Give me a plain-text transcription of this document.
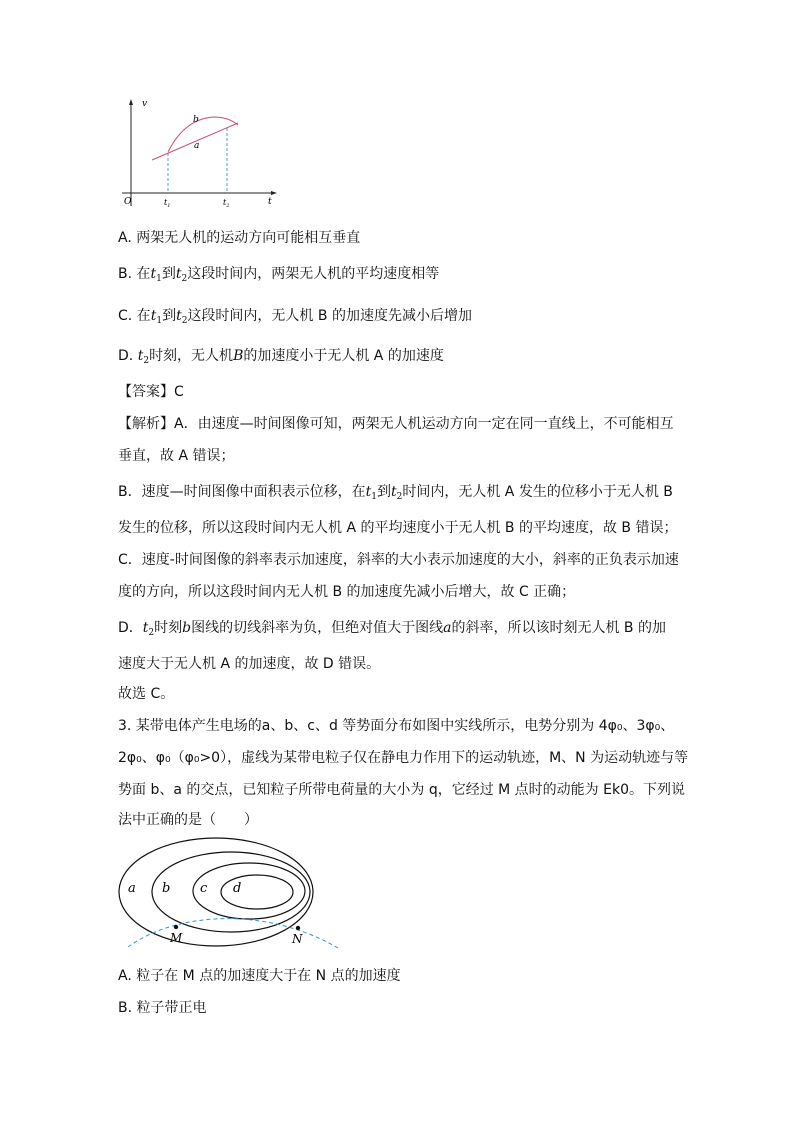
v
t
O
b
a
$t_1$	$t_2$
A. 两架无人机的运动方向可能相互垂直
B. 在$t_1$到$t_2$这段时间内，两架无人机的平均速度相等
C. 在$t_1$到$t_2$这段时间内，无人机 B 的加速度先减小后增加
D. $t_2$时刻，无人机B的加速度小于无人机 A 的加速度
【答案】C
【解析】A．由速度—时间图像可知，两架无人机运动方向一定在同一直线上，不可能相互
垂直，故 A 错误；
B．速度—时间图像中面积表示位移，在$t_1$到$t_2$时间内，无人机 A 发生的位移小于无人机 B
发生的位移，所以这段时间内无人机 A 的平均速度小于无人机 B 的平均速度，故 B 错误；
C．速度-时间图像的斜率表示加速度，斜率的大小表示加速度的大小，斜率的正负表示加速
度的方向，所以这段时间内无人机 B 的加速度先减小后增大，故 C 正确；
D．$t_2$时刻b图线的切线斜率为负，但绝对值大于图线a的斜率，所以该时刻无人机 B 的加
速度大于无人机 A 的加速度，故 D 错误。
故选 C。
3. 某带电体产生电场的a、b、c、d 等势面分布如图中实线所示，电势分别为 4φ₀、3φ₀、
2φ₀、φ₀（φ₀>0），虚线为某带电粒子仅在静电力作用下的运动轨迹，M、N 为运动轨迹与等
势面 b、a 的交点，已知粒子所带电荷量的大小为 q，它经过 M 点时的动能为 Ek0。下列说
法中正确的是（　　）
a b c d
M	N
A. 粒子在 M 点的加速度大于在 N 点的加速度
B. 粒子带正电
